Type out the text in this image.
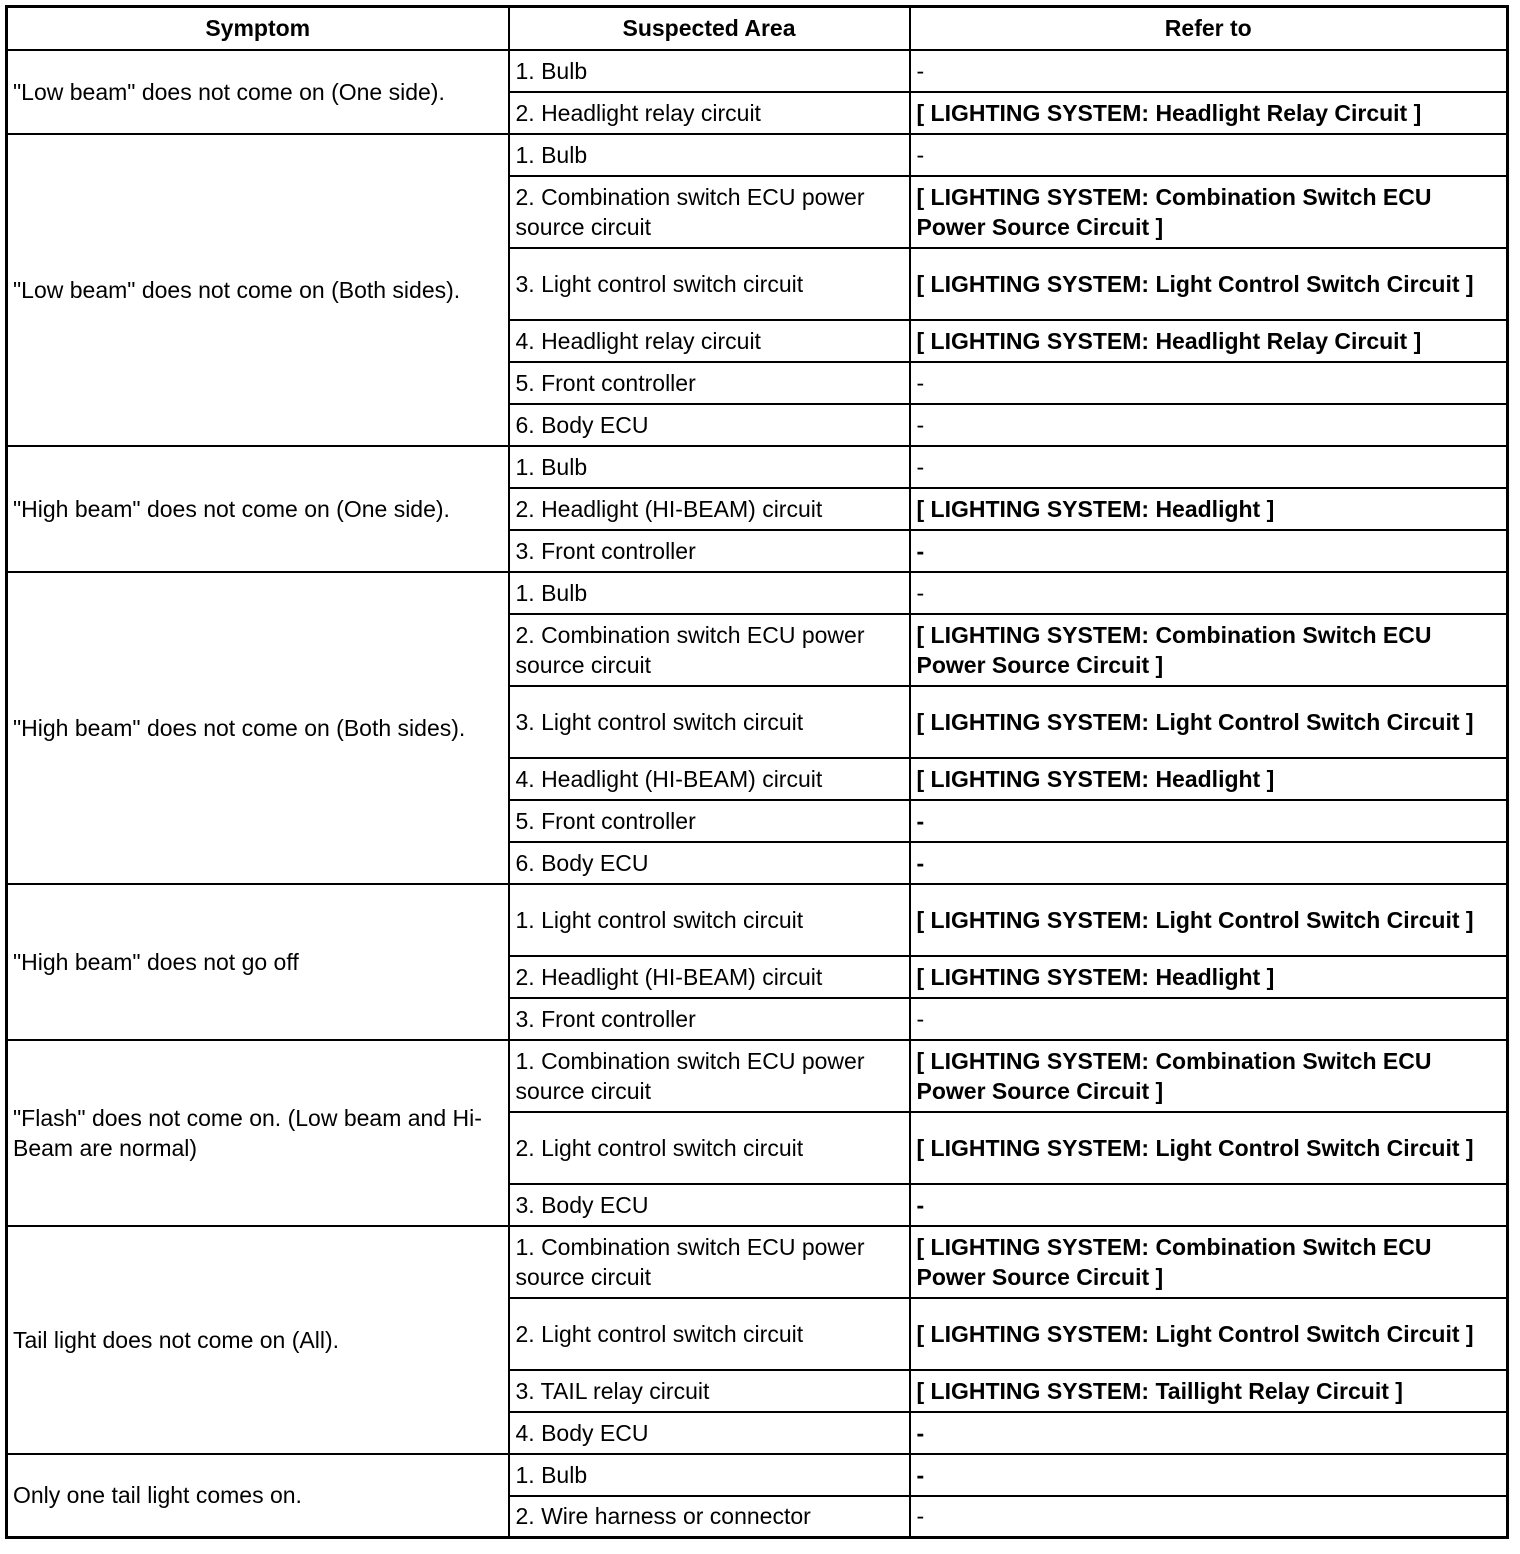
Symptom	Suspected Area	Refer to
"Low beam" does not come on (One side).	1. Bulb	-
	2. Headlight relay circuit	[ LIGHTING SYSTEM: Headlight Relay Circuit ]
"Low beam" does not come on (Both sides).	1. Bulb	-
	2. Combination switch ECU power source circuit	[ LIGHTING SYSTEM: Combination Switch ECU Power Source Circuit ]
	3. Light control switch circuit	[ LIGHTING SYSTEM: Light Control Switch Circuit ]
	4. Headlight relay circuit	[ LIGHTING SYSTEM: Headlight Relay Circuit ]
	5. Front controller	-
	6. Body ECU	-
"High beam" does not come on (One side).	1. Bulb	-
	2. Headlight (HI-BEAM) circuit	[ LIGHTING SYSTEM: Headlight ]
	3. Front controller	-
"High beam" does not come on (Both sides).	1. Bulb	-
	2. Combination switch ECU power source circuit	[ LIGHTING SYSTEM: Combination Switch ECU Power Source Circuit ]
	3. Light control switch circuit	[ LIGHTING SYSTEM: Light Control Switch Circuit ]
	4. Headlight (HI-BEAM) circuit	[ LIGHTING SYSTEM: Headlight ]
	5. Front controller	-
	6. Body ECU	-
"High beam" does not go off	1. Light control switch circuit	[ LIGHTING SYSTEM: Light Control Switch Circuit ]
	2. Headlight (HI-BEAM) circuit	[ LIGHTING SYSTEM: Headlight ]
	3. Front controller	-
"Flash" does not come on. (Low beam and Hi-Beam are normal)	1. Combination switch ECU power source circuit	[ LIGHTING SYSTEM: Combination Switch ECU Power Source Circuit ]
	2. Light control switch circuit	[ LIGHTING SYSTEM: Light Control Switch Circuit ]
	3. Body ECU	-
Tail light does not come on (All).	1. Combination switch ECU power source circuit	[ LIGHTING SYSTEM: Combination Switch ECU Power Source Circuit ]
	2. Light control switch circuit	[ LIGHTING SYSTEM: Light Control Switch Circuit ]
	3. TAIL relay circuit	[ LIGHTING SYSTEM: Taillight Relay Circuit ]
	4. Body ECU	-
Only one tail light comes on.	1. Bulb	-
	2. Wire harness or connector	-
